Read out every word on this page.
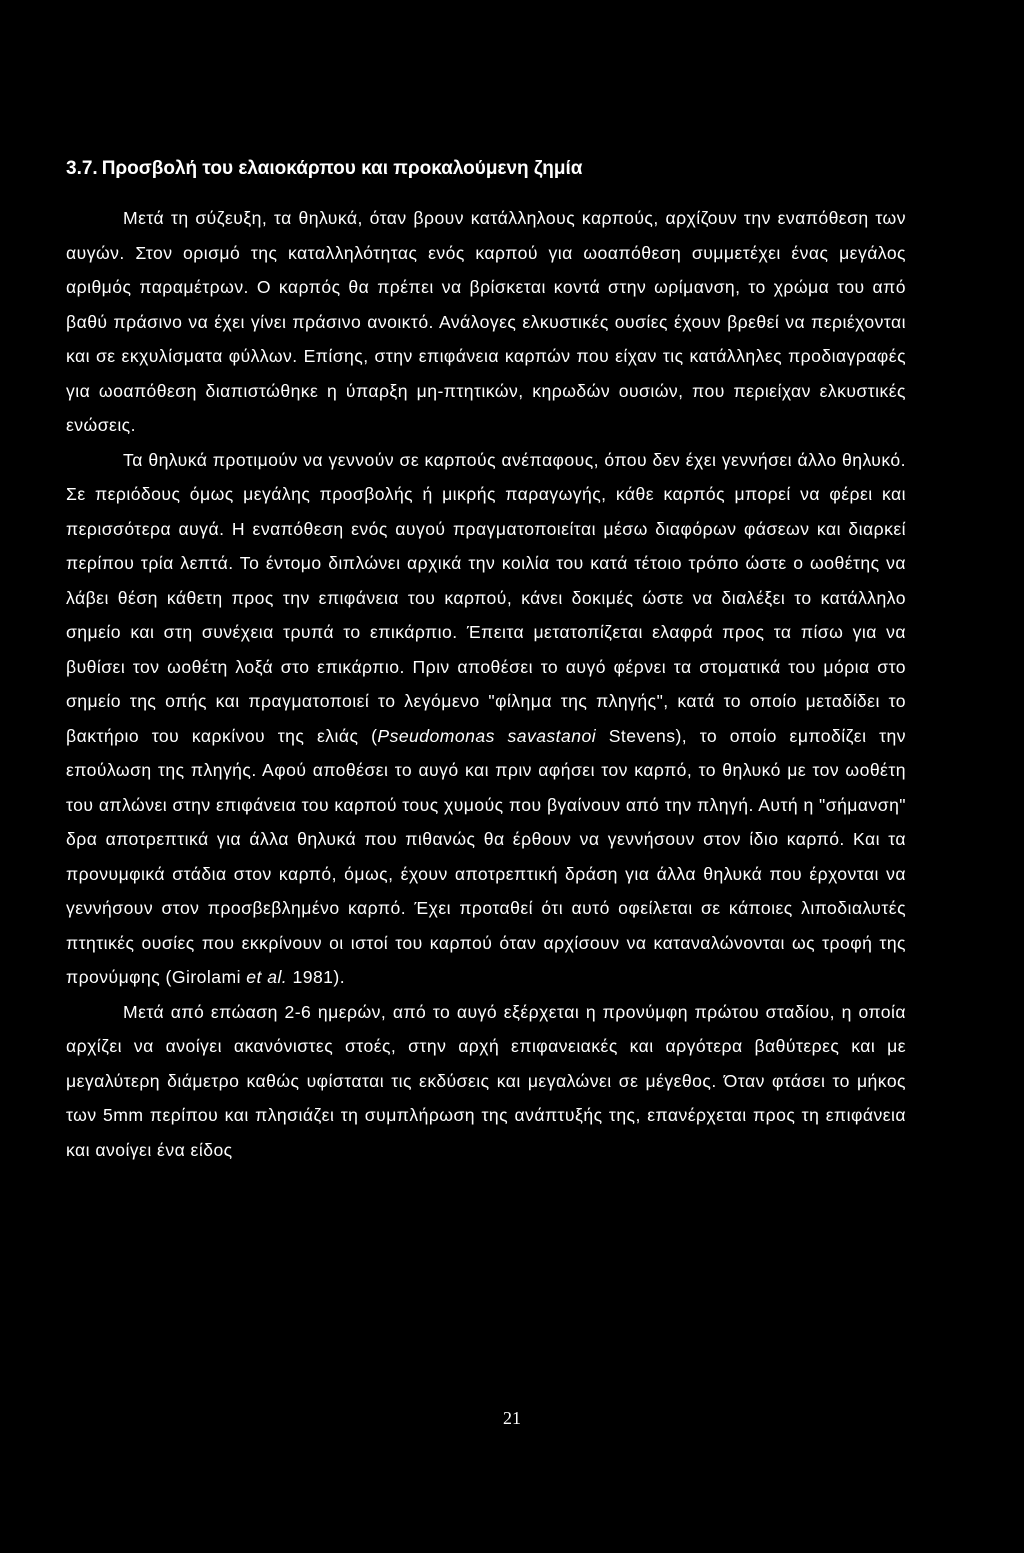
3.7. Προσβολή του ελαιοκάρπου και προκαλούμενη ζημία

Μετά τη σύζευξη, τα θηλυκά, όταν βρουν κατάλληλους καρπούς, αρχίζουν την εναπόθεση των αυγών. Στον ορισμό της καταλληλότητας ενός καρπού για ωοαπόθεση συμμετέχει ένας μεγάλος αριθμός παραμέτρων. Ο καρπός θα πρέπει να βρίσκεται κοντά στην ωρίμανση, το χρώμα του από βαθύ πράσινο να έχει γίνει πράσινο ανοικτό. Ανάλογες ελκυστικές ουσίες έχουν βρεθεί να περιέχονται και σε εκχυλίσματα φύλλων. Επίσης, στην επιφάνεια καρπών που είχαν τις κατάλληλες προδιαγραφές για ωοαπόθεση διαπιστώθηκε η ύπαρξη μη-πτητικών, κηρωδών ουσιών, που περιείχαν ελκυστικές ενώσεις.

Τα θηλυκά προτιμούν να γεννούν σε καρπούς ανέπαφους, όπου δεν έχει γεννήσει άλλο θηλυκό. Σε περιόδους όμως μεγάλης προσβολής ή μικρής παραγωγής, κάθε καρπός μπορεί να φέρει και περισσότερα αυγά. Η εναπόθεση ενός αυγού πραγματοποιείται μέσω διαφόρων φάσεων και διαρκεί περίπου τρία λεπτά. Το έντομο διπλώνει αρχικά την κοιλία του κατά τέτοιο τρόπο ώστε ο ωοθέτης να λάβει θέση κάθετη προς την επιφάνεια του καρπού, κάνει δοκιμές ώστε να διαλέξει το κατάλληλο σημείο και στη συνέχεια τρυπά το επικάρπιο. Έπειτα μετατοπίζεται ελαφρά προς τα πίσω για να βυθίσει τον ωοθέτη λοξά στο επικάρπιο. Πριν αποθέσει το αυγό φέρνει τα στοματικά του μόρια στο σημείο της οπής και πραγματοποιεί το λεγόμενο "φίλημα της πληγής", κατά το οποίο μεταδίδει το βακτήριο του καρκίνου της ελιάς (Pseudomonas savastanoi Stevens), το οποίο εμποδίζει την επούλωση της πληγής. Αφού αποθέσει το αυγό και πριν αφήσει τον καρπό, το θηλυκό με τον ωοθέτη του απλώνει στην επιφάνεια του καρπού τους χυμούς που βγαίνουν από την πληγή. Αυτή η "σήμανση" δρα αποτρεπτικά για άλλα θηλυκά που πιθανώς θα έρθουν να γεννήσουν στον ίδιο καρπό. Και τα προνυμφικά στάδια στον καρπό, όμως, έχουν αποτρεπτική δράση για άλλα θηλυκά που έρχονται να γεννήσουν στον προσβεβλημένο καρπό. Έχει προταθεί ότι αυτό οφείλεται σε κάποιες λιποδιαλυτές πτητικές ουσίες που εκκρίνουν οι ιστοί του καρπού όταν αρχίσουν να καταναλώνονται ως τροφή της προνύμφης (Girolami et al. 1981).

Μετά από επώαση 2-6 ημερών, από το αυγό εξέρχεται η προνύμφη πρώτου σταδίου, η οποία αρχίζει να ανοίγει ακανόνιστες στοές, στην αρχή επιφανειακές και αργότερα βαθύτερες και με μεγαλύτερη διάμετρο καθώς υφίσταται τις εκδύσεις και μεγαλώνει σε μέγεθος. Όταν φτάσει το μήκος των 5mm περίπου και πλησιάζει τη συμπλήρωση της ανάπτυξής της, επανέρχεται προς τη επιφάνεια και ανοίγει ένα είδος

21
